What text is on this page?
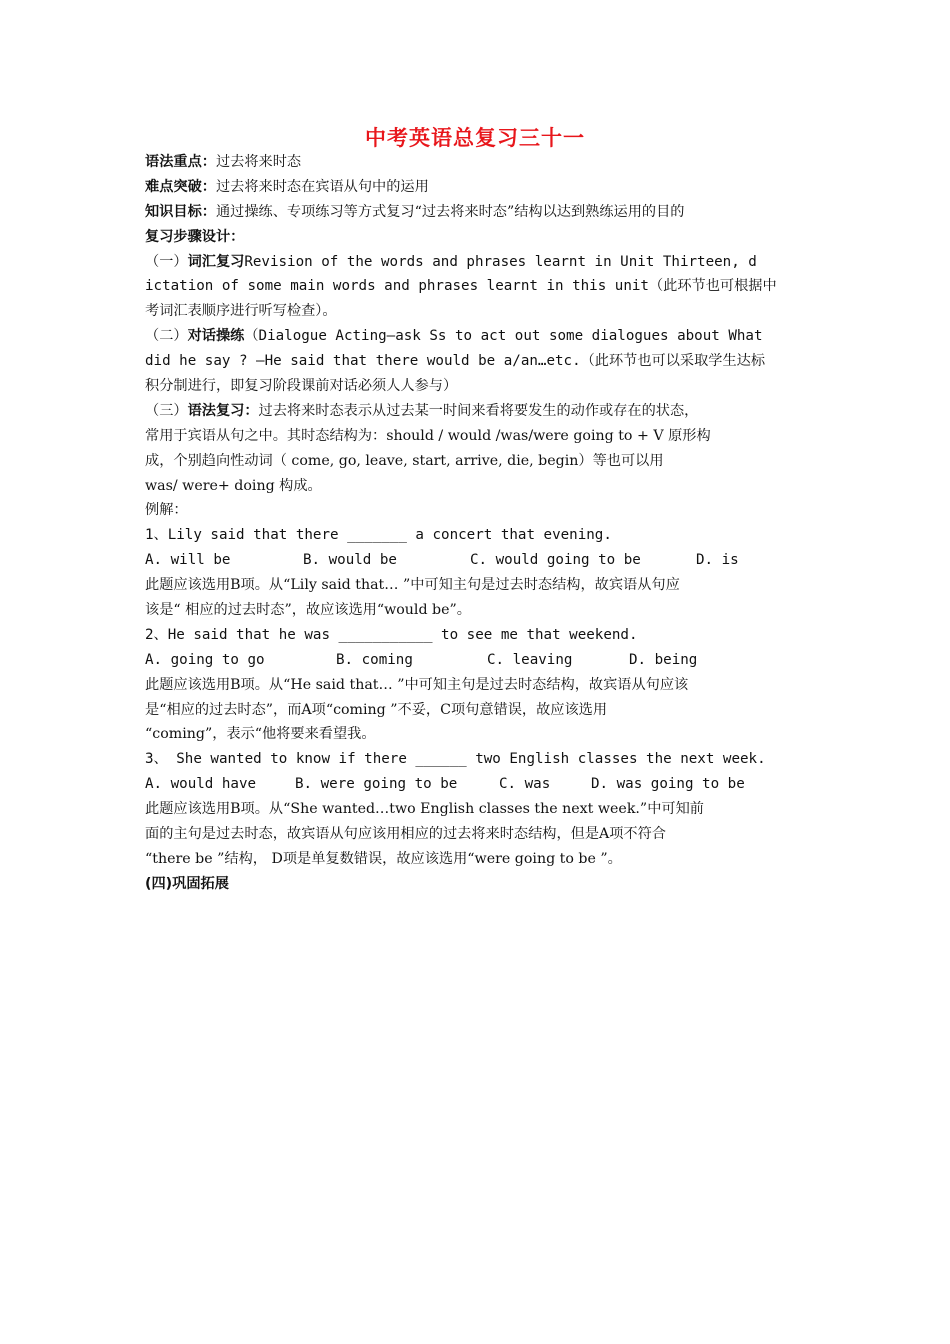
中考英语总复习三十一
语法重点：过去将来时态
难点突破：过去将来时态在宾语从句中的运用
知识目标：通过操练、专项练习等方式复习“过去将来时态”结构以达到熟练运用的目的
复习步骤设计：
（一）词汇复习Revision of the words and phrases learnt in Unit Thirteen, d
ictation of some main words and phrases learnt in this unit（此环节也可根据中
考词汇表顺序进行听写检查）。
（二）对话操练（Dialogue Acting—ask Ss to act out some dialogues about What
did he say ? –He said that there would be a/an…etc.（此环节也可以采取学生达标
积分制进行，即复习阶段课前对话必须人人参与）
（三）语法复习：过去将来时态表示从过去某一时间来看将要发生的动作或存在的状态，
常用于宾语从句之中。其时态结构为：should / would /was/were going to + V 原形构
成，个别趋向性动词（ come, go, leave, start, arrive, die, begin）等也可以用
was/ were+ doing 构成。
例解：
1、Lily said that there _______ a concert that evening.
A. will be	B. would be	C. would going to be	D. is
此题应该选用B项。从“Lily said that… ”中可知主句是过去时态结构，故宾语从句应
该是“ 相应的过去时态”，故应该选用“would be”。
2、He said that he was ___________ to see me that weekend.
A. going to go	B. coming	C. leaving	D. being
此题应该选用B项。从“He said that… ”中可知主句是过去时态结构，故宾语从句应该
是“相应的过去时态”，而A项“coming ”不妥，C项句意错误，故应该选用
“coming”，表示“他将要来看望我。
3、 She wanted to know if there ______ two English classes the next week.
A. would have	B. were going to be	C. was	D. was going to be
此题应该选用B项。从“She wanted…two English classes the next week.”中可知前
面的主句是过去时态，故宾语从句应该用相应的过去将来时态结构，但是A项不符合
“there be ”结构， D项是单复数错误，故应该选用“were going to be ”。
(四)巩固拓展
